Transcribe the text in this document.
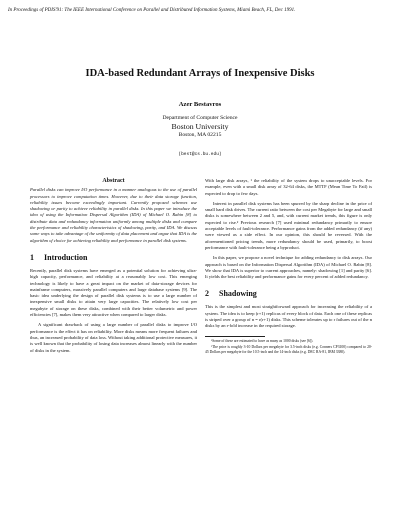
In Proceedings of PDIS'91: The IEEE International Conference on Parallel and Distributed Information Systems, Miami Beach, FL, Dec 1991.
IDA-based Redundant Arrays of Inexpensive Disks
Azer Bestavros
Department of Computer Science
Boston University
Boston, MA 02215
(best@cs.bu.edu)
Abstract

Parallel disks can improve I/O performance in a manner analogous to the use of parallel processors to improve computation times. However, due to their data storage function, reliability issues become exceedingly important. Currently proposed schemes use shadowing or parity to achieve reliability in parallel disks. In this paper we introduce the idea of using the Information Dispersal Algorithm (IDA) of Michael O. Rabin [8] to distribute data and redundancy information uniformly among multiple disks and compare the performance and reliability characteristics of shadowing, parity, and IDA. We discuss some ways to take advantage of the uniformity of data placement and argue that IDA is the algorithm of choice for achieving reliability and performance in parallel disk systems.

1 Introduction

Recently, parallel disk systems have emerged as a potential solution for achieving ultra-high capacity, performance, and reliability at a reasonably low cost. This emerging technology is likely to have a great impact on the market of data-storage devices for mainframe computers, massively parallel computers and large database systems [9]. The basic idea underlying the design of parallel disk systems is to use a large number of inexpensive small disks to attain very large capacities. The relatively low cost per megabyte of storage on these disks, combined with their better volumetric and power efficiencies [7], makes them very attractive when compared to larger disks.

A significant drawback of using a large number of parallel disks to improve I/O performance is the effect it has on reliability. More disks means more frequent failures and thus, an increased probability of data loss. Without taking additional protective measures, it is well known that the probability of losing data increases almost linearly with the number of disks in the system.

With large disk arrays, ¹ the reliability of the system drops to unacceptable levels. For example, even with a small disk array of 32-64 disks, the MTTF (Mean Time To Fail) is expected to drop to few days.

Interest in parallel disk systems has been spurred by the sharp decline in the price of small hard disk drives. The current ratio between the cost per Megabyte for large and small disks is somewhere between 2 and 5, and, with current market trends, this figure is only expected to rise.² Previous research [7] used minimal redundancy primarily to ensure acceptable levels of fault-tolerance. Performance gains from the added redundancy (if any) were viewed as a side effect. In our opinion, this should be reversed. With the aforementioned pricing trends, more redundancy should be used, primarily, to boost performance with fault-tolerance being a byproduct.

In this paper, we propose a novel technique for adding redundancy to disk arrays. Our approach is based on the Information Dispersal Algorithm (IDA) of Michael O. Rabin [8]. We show that IDA is superior to current approaches, namely: shadowing [1] and parity [6]. It yields the best reliability and performance gains for every percent of added redundancy.

2 Shadowing

This is the simplest and most straightforward approach for increasing the reliability of a system. The idea is to keep (r+1) replicas of every block of data. Each one of these replicas is striped over a group of n = r(r+1) disks. This scheme tolerates up to r failures out of the n disks by an r-fold increase in the required storage.

¹Some of these are estimated to have as many as 1000 disks (see [6]).
²The price is roughly 3-10 Dollars per megabyte for 3.5-inch disks (e.g. Conners CP3100) compared to 20-45 Dollars per megabyte for the 10.5-inch and the 14-inch disks (e.g. DEC RA-81, IBM 3380).
